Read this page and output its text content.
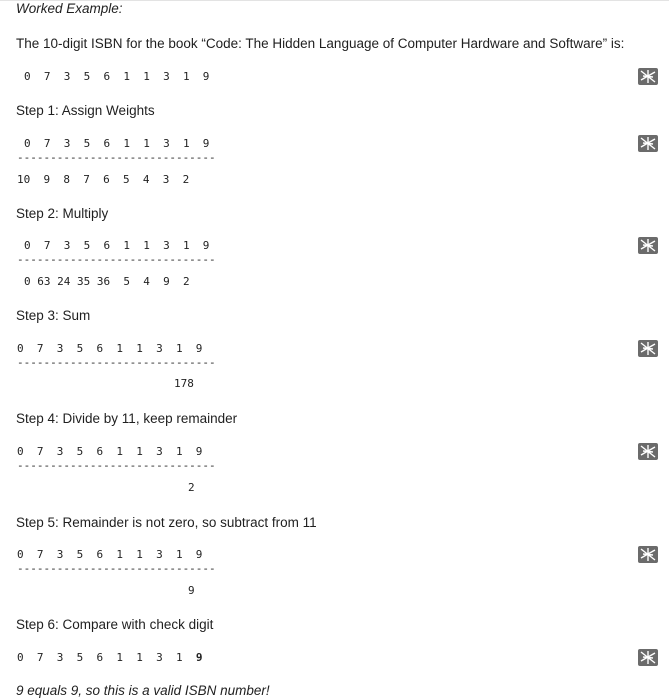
Worked Example:
The 10-digit ISBN for the book “Code: The Hidden Language of Computer Hardware and Software” is:
0  7  3  5  6  1  1  3  1  9
Step 1: Assign Weights
0  7  3  5  6  1  1  3  1  9
------------------------------
10  9  8  7  6  5  4  3  2
Step 2: Multiply
0  7  3  5  6  1  1  3  1  9
------------------------------
0 63 24 35 36  5  4  9  2
Step 3: Sum
0  7  3  5  6  1  1  3  1  9
------------------------------
178
Step 4: Divide by 11, keep remainder
0  7  3  5  6  1  1  3  1  9
------------------------------
2
Step 5: Remainder is not zero, so subtract from 11
0  7  3  5  6  1  1  3  1  9
------------------------------
9
Step 6: Compare with check digit
0  7  3  5  6  1  1  3  1  9
9 equals 9, so this is a valid ISBN number!
